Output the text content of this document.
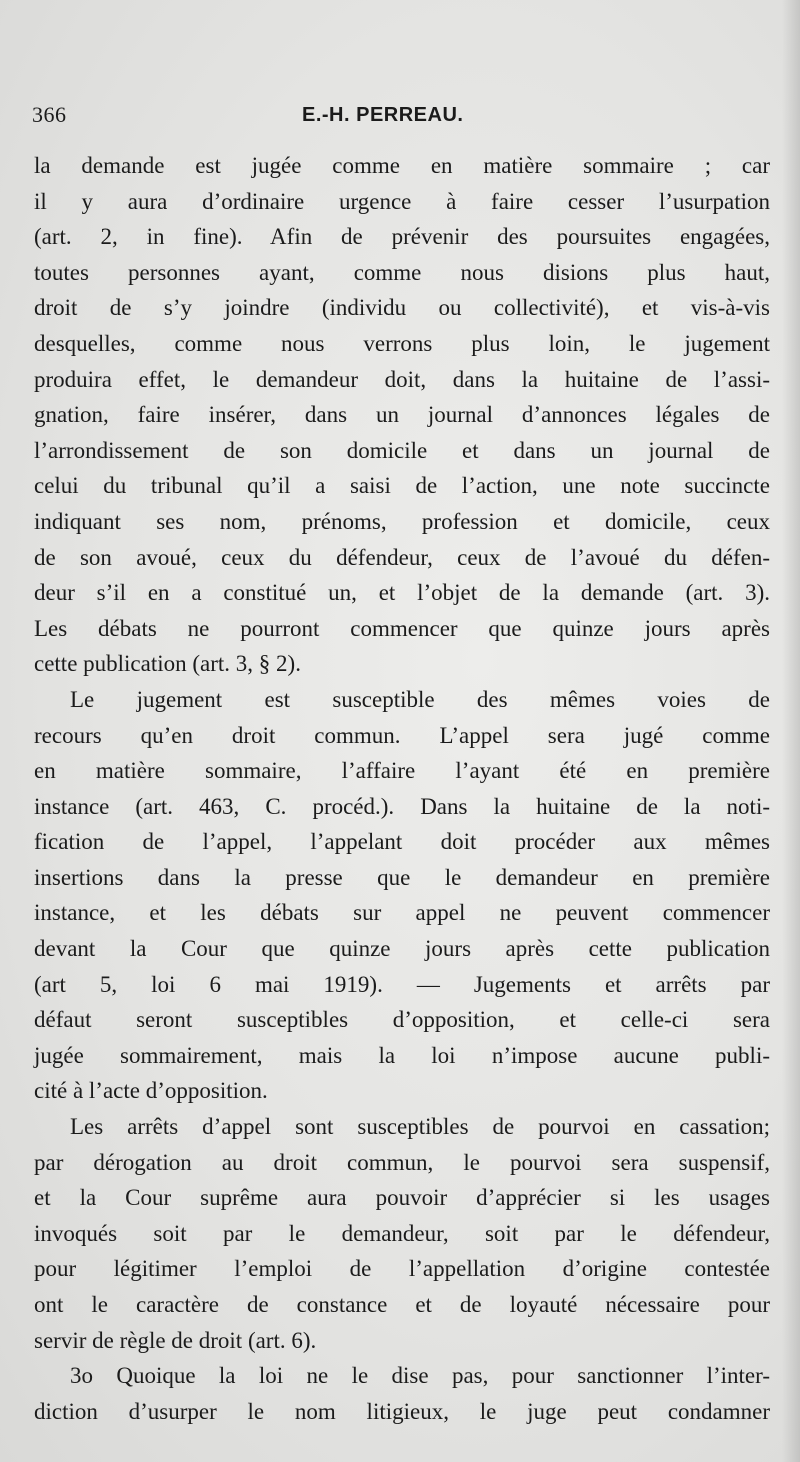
366	E.-H. PERREAU.
la demande est jugée comme en matière sommaire ; car
il y aura d’ordinaire urgence à faire cesser l’usurpation
(art. 2, in fine). Afin de prévenir des poursuites engagées,
toutes personnes ayant, comme nous disions plus haut,
droit de s’y joindre (individu ou collectivité), et vis-à-vis
desquelles, comme nous verrons plus loin, le jugement
produira effet, le demandeur doit, dans la huitaine de l’assi-
gnation, faire insérer, dans un journal d’annonces légales de
l’arrondissement de son domicile et dans un journal de
celui du tribunal qu’il a saisi de l’action, une note succincte
indiquant ses nom, prénoms, profession et domicile, ceux
de son avoué, ceux du défendeur, ceux de l’avoué du défen-
deur s’il en a constitué un, et l’objet de la demande (art. 3).
Les débats ne pourront commencer que quinze jours après
cette publication (art. 3, § 2).
Le jugement est susceptible des mêmes voies de
recours qu’en droit commun. L’appel sera jugé comme
en matière sommaire, l’affaire l’ayant été en première
instance (art. 463, C. procéd.). Dans la huitaine de la noti-
fication de l’appel, l’appelant doit procéder aux mêmes
insertions dans la presse que le demandeur en première
instance, et les débats sur appel ne peuvent commencer
devant la Cour que quinze jours après cette publication
(art 5, loi 6 mai 1919). — Jugements et arrêts par
défaut seront susceptibles d’opposition, et celle-ci sera
jugée sommairement, mais la loi n’impose aucune publi-
cité à l’acte d’opposition.
Les arrêts d’appel sont susceptibles de pourvoi en cassation;
par dérogation au droit commun, le pourvoi sera suspensif,
et la Cour suprême aura pouvoir d’apprécier si les usages
invoqués soit par le demandeur, soit par le défendeur,
pour légitimer l’emploi de l’appellation d’origine contestée
ont le caractère de constance et de loyauté nécessaire pour
servir de règle de droit (art. 6).
3o Quoique la loi ne le dise pas, pour sanctionner l’inter-
diction d’usurper le nom litigieux, le juge peut condamner
